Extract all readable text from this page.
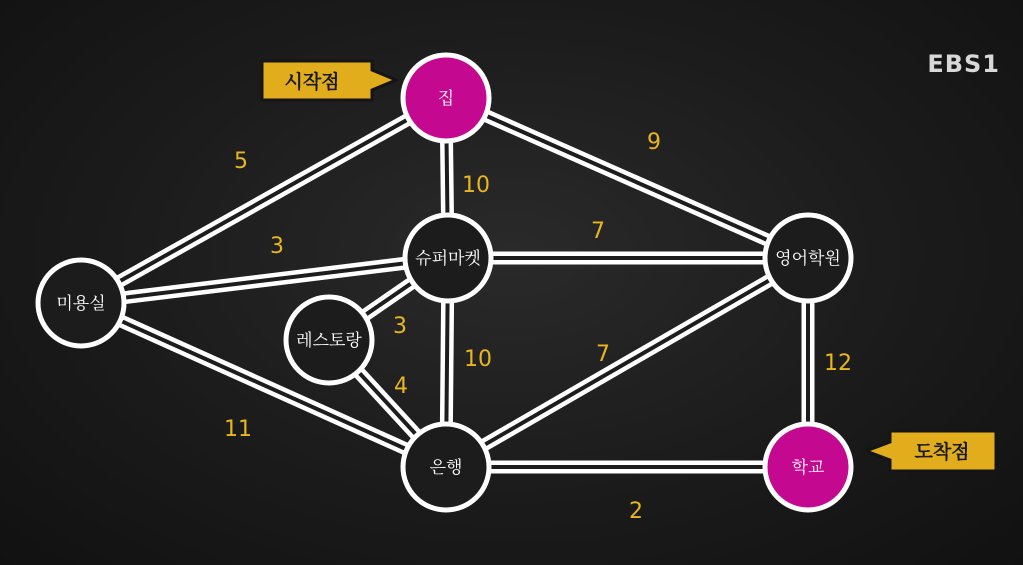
5
10
9
3
7
3
10
4
11
7	12
2
집
슈퍼마켓	영어학원
미용실
레스토랑
은행	학교
시작점
도착점
EBS1
